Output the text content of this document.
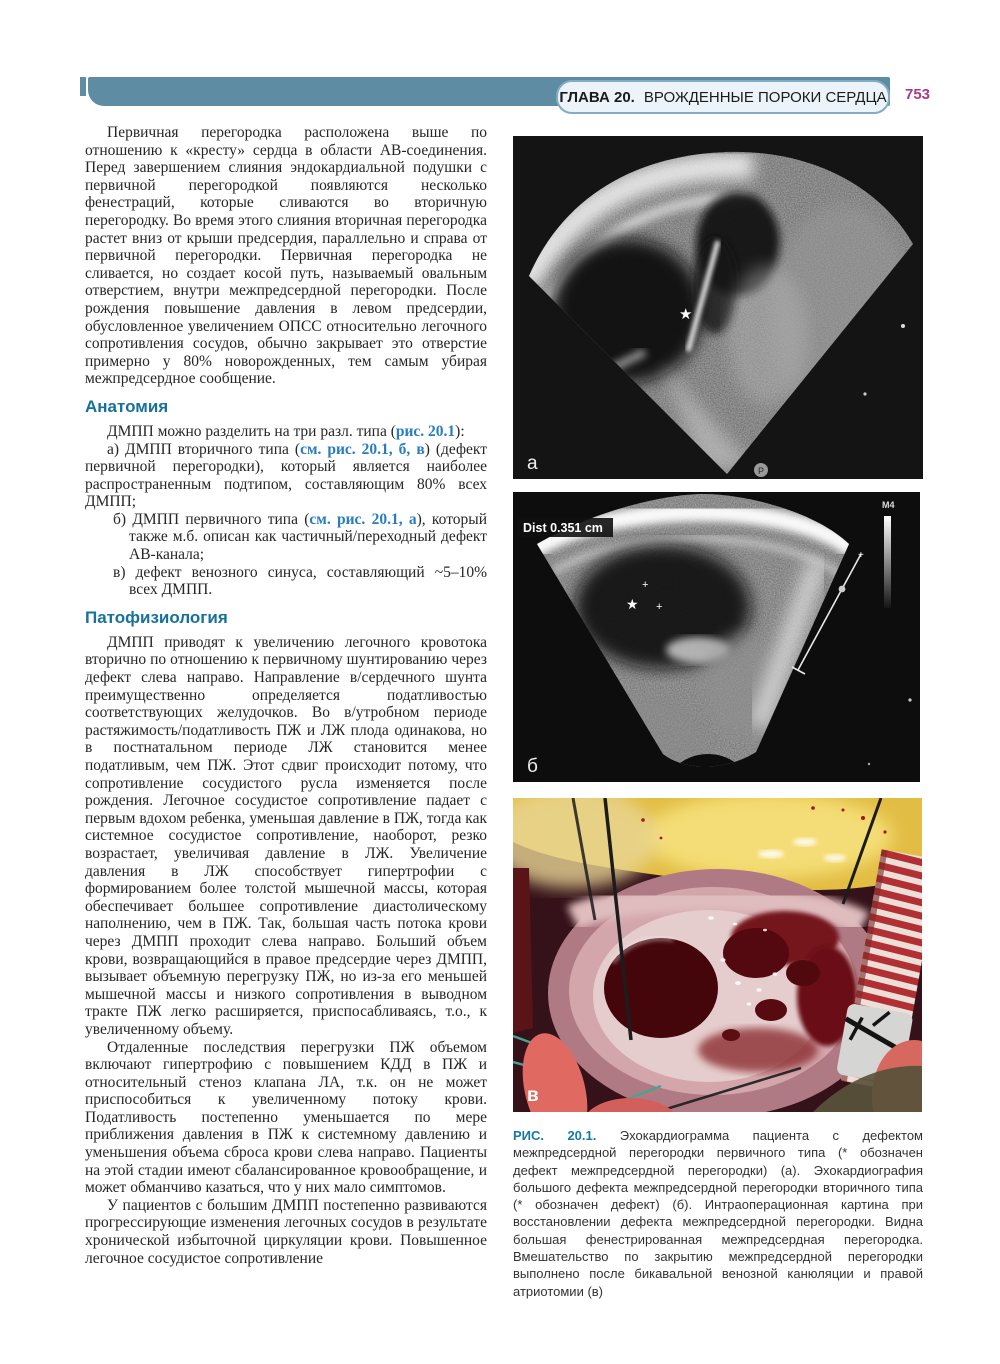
ГЛАВА 20. ВРОЖДЕННЫЕ ПОРОКИ СЕРДЦА 753

Первичная перегородка расположена выше по отношению к «кресту» сердца в области АВ-соединения. Перед завершением слияния эндокардиальной подушки с первичной перегородкой появляются несколько фенестраций, которые сливаются во вторичную перегородку. Во время этого слияния вторичная перегородка растет вниз от крыши предсердия, параллельно и справа от первичной перегородки. Первичная перегородка не сливается, но создает косой путь, называемый овальным отверстием, внутри межпредсердной перегородки. После рождения повышение давления в левом предсердии, обусловленное увеличением ОПСС относительно легочного сопротивления сосудов, обычно закрывает это отверстие примерно у 80% новорожденных, тем самым убирая межпредсердное сообщение.

Анатомия

ДМПП можно разделить на три разл. типа (рис. 20.1):

а) ДМПП вторичного типа (см. рис. 20.1, б, в) (дефект первичной перегородки), который является наиболее распространенным подтипом, составляющим 80% всех ДМПП;

б) ДМПП первичного типа (см. рис. 20.1, а), который также м.б. описан как частичный/переходный дефект АВ-канала;

в) дефект венозного синуса, составляющий ~5–10% всех ДМПП.

Патофизиология

ДМПП приводят к увеличению легочного кровотока вторично по отношению к первичному шунтированию через дефект слева направо. Направление в/сердечного шунта преимущественно определяется податливостью соответствующих желудочков. Во в/утробном периоде растяжимость/податливость ПЖ и ЛЖ плода одинакова, но в постнатальном периоде ЛЖ становится менее податливым, чем ПЖ. Этот сдвиг происходит потому, что сопротивление сосудистого русла изменяется после рождения. Легочное сосудистое сопротивление падает с первым вдохом ребенка, уменьшая давление в ПЖ, тогда как системное сосудистое сопротивление, наоборот, резко возрастает, увеличивая давление в ЛЖ. Увеличение давления в ЛЖ способствует гипертрофии с формированием более толстой мышечной массы, которая обеспечивает большее сопротивление диастолическому наполнению, чем в ПЖ. Так, большая часть потока крови через ДМПП проходит слева направо. Больший объем крови, возвращающийся в правое предсердие через ДМПП, вызывает объемную перегрузку ПЖ, но из-за его меньшей мышечной массы и низкого сопротивления в выводном тракте ПЖ легко расширяется, приспосабливаясь, т.о., к увеличенному объему.

Отдаленные последствия перегрузки ПЖ объемом включают гипертрофию с повышением КДД в ПЖ и относительный стеноз клапана ЛА, т.к. он не может приспособиться к увеличенному потоку крови. Податливость постепенно уменьшается по мере приближения давления в ПЖ к системному давлению и уменьшения объема сброса крови слева направо. Пациенты на этой стадии имеют сбалансированное кровообращение, и может обманчиво казаться, что у них мало симптомов.

У пациентов с большим ДМПП постепенно развиваются прогрессирующие изменения легочных сосудов в результате хронической избыточной циркуляции крови. Повышенное легочное сосудистое сопротивление

★
P
а
Dist 0.351 cm
M4
★
+
+
+
б
в

РИС. 20.1. Эхокардиограмма пациента с дефектом межпредсердной перегородки первичного типа (* обозначен дефект межпредсердной перегородки) (а). Эхокардиография большого дефекта межпредсердной перегородки вторичного типа (* обозначен дефект) (б). Интраоперационная картина при восстановлении дефекта межпредсердной перегородки. Видна большая фенестрированная межпредсердная перегородка. Вмешательство по закрытию межпредсердной перегородки выполнено после бикавальной венозной канюляции и правой атриотомии (в)
